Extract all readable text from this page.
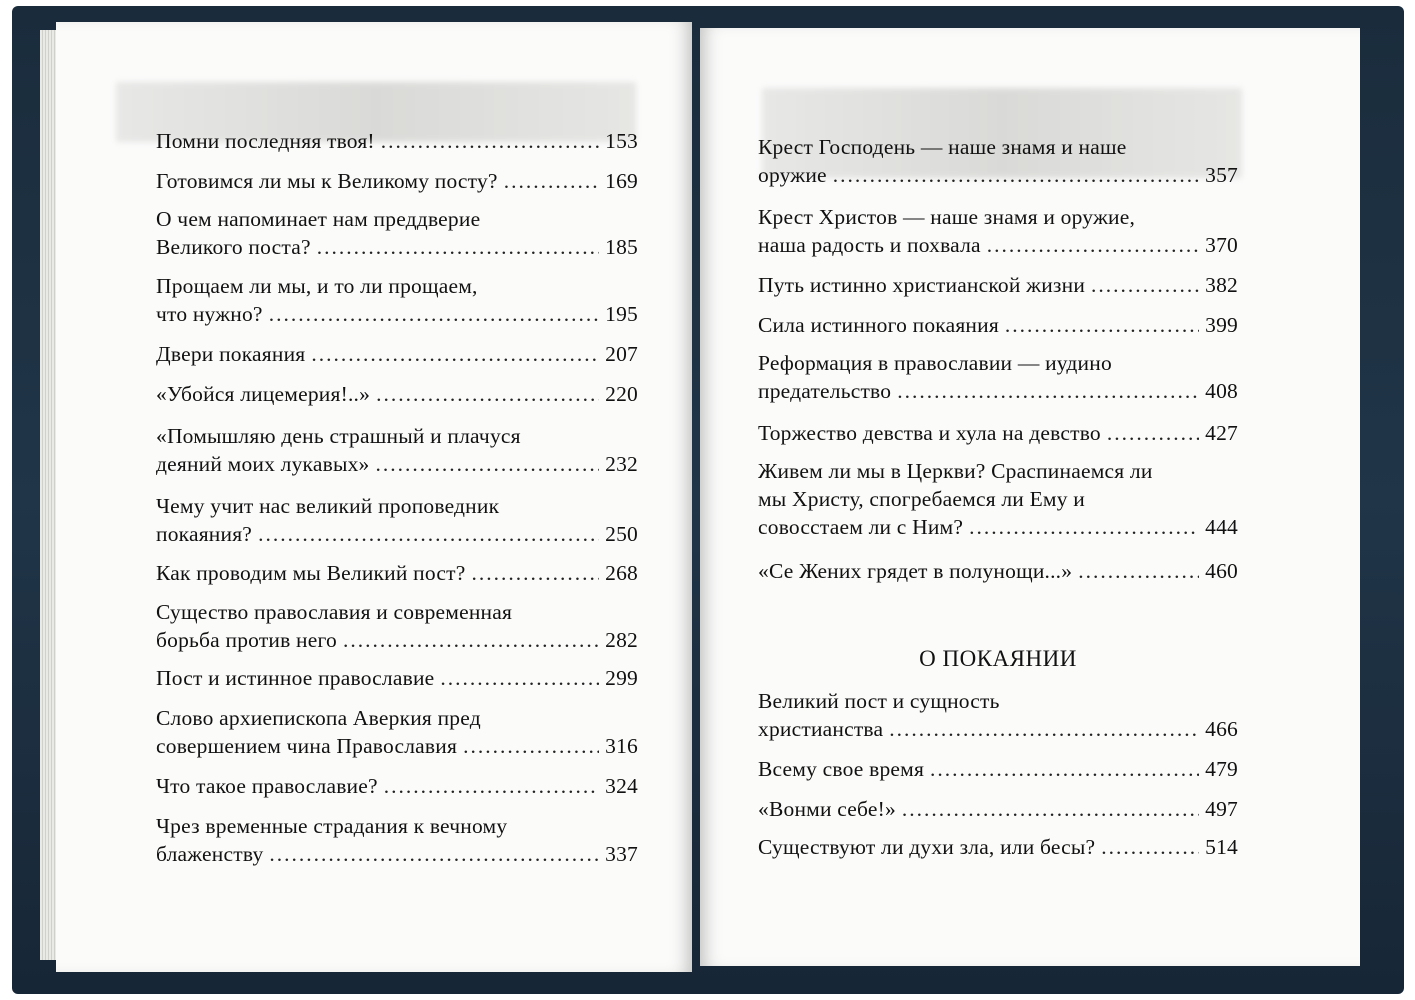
Помни последняя твоя! .....	153
Готовимся ли мы к Великому посту? .....	169
О чем напоминает нам преддверие
Великого поста? .....	185
Прощаем ли мы, и то ли прощаем,
что нужно? .....	195
Двери покаяния .....	207
«Убойся лицемерия!..» .....	220
«Помышляю день страшный и плачуся
деяний моих лукавых» .....	232
Чему учит нас великий проповедник
покаяния? .....	250
Как проводим мы Великий пост? .....	268
Существо православия и современная
борьба против него .....	282
Пост и истинное православие .....	299
Слово архиепископа Аверкия пред
совершением чина Православия .....	316
Что такое православие? .....	324
Чрез временные страдания к вечному
блаженству .....	337
Крест Господень — наше знамя и наше
оружие .....	357
Крест Христов — наше знамя и оружие,
наша радость и похвала .....	370
Путь истинно христианской жизни .....	382
Сила истинного покаяния .....	399
Реформация в православии — иудино
предательство .....	408
Торжество девства и хула на девство .....	427
Живем ли мы в Церкви? Сраспинаемся ли
мы Христу, спогребаемся ли Ему и
совосстаем ли с Ним? .....	444
«Се Жених грядет в полунощи...» .....	460
О ПОКАЯНИИ
Великий пост и сущность
христианства .....	466
Всему свое время .....	479
«Вонми себе!» .....	497
Существуют ли духи зла, или бесы? .....	514
